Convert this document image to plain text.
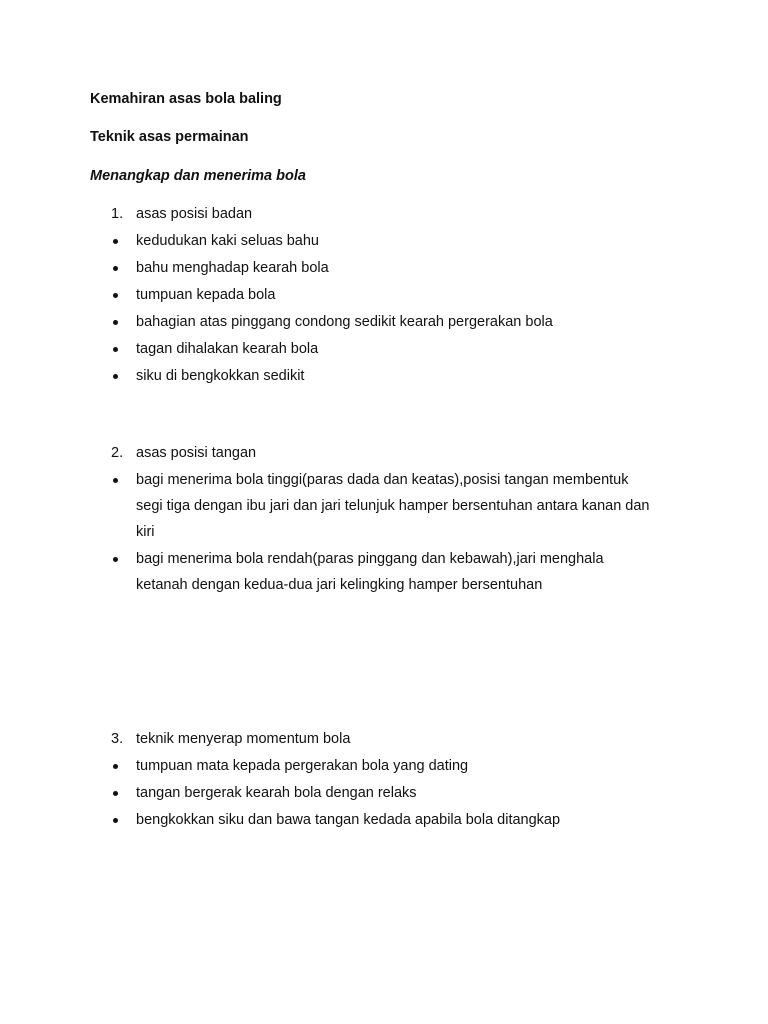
Kemahiran asas bola baling
Teknik asas permainan
Menangkap dan menerima bola
1. asas posisi badan
kedudukan kaki seluas bahu
bahu menghadap kearah bola
tumpuan kepada bola
bahagian atas pinggang condong sedikit kearah pergerakan bola
tagan dihalakan kearah bola
siku di bengkokkan sedikit
2. asas posisi tangan
bagi menerima bola tinggi(paras dada dan keatas),posisi tangan membentuk
segi tiga dengan ibu jari dan jari telunjuk hamper bersentuhan antara kanan dan
kiri
bagi menerima bola rendah(paras pinggang dan kebawah),jari menghala
ketanah dengan kedua-dua jari kelingking hamper bersentuhan
3. teknik menyerap momentum bola
tumpuan mata kepada pergerakan bola yang dating
tangan bergerak kearah bola dengan relaks
bengkokkan siku dan bawa tangan kedada apabila bola ditangkap
